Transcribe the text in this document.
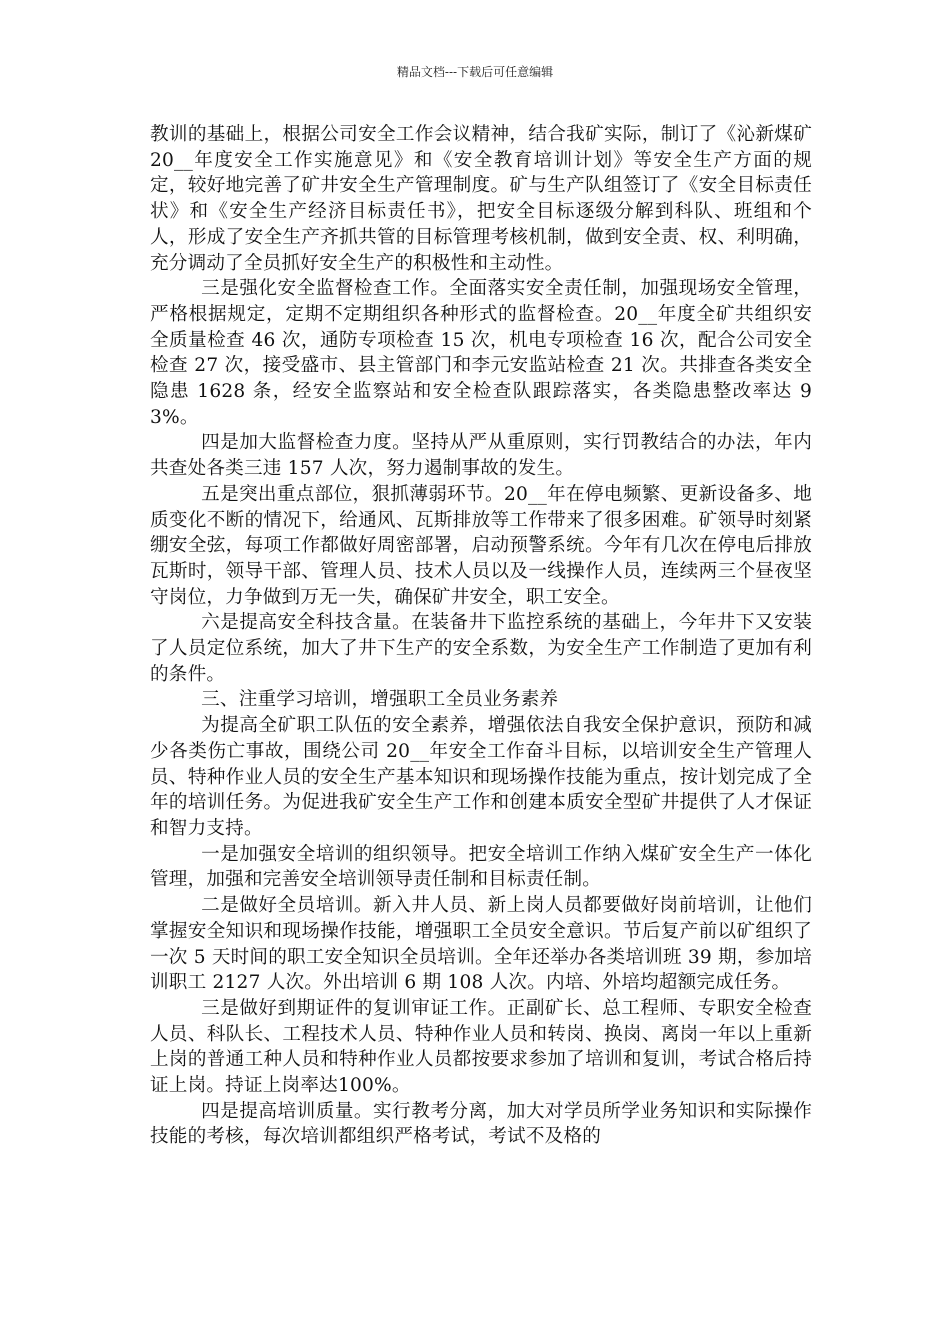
精品文档---下载后可任意编辑

教训的基础上，根据公司安全工作会议精神，结合我矿实际，制订了《沁新煤矿 20__年度安全工作实施意见》和《安全教育培训计划》等安全生产方面的规定，较好地完善了矿井安全生产管理制度。矿与生产队组签订了《安全目标责任状》和《安全生产经济目标责任书》，把安全目标逐级分解到科队、班组和个人，形成了安全生产齐抓共管的目标管理考核机制，做到安全责、权、利明确，充分调动了全员抓好安全生产的积极性和主动性。

三是强化安全监督检查工作。全面落实安全责任制，加强现场安全管理，严格根据规定，定期不定期组织各种形式的监督检查。20__年度全矿共组织安全质量检查 46 次，通防专项检查 15 次，机电专项检查 16 次，配合公司安全检查 27 次，接受盛市、县主管部门和李元安监站检查 21 次。共排查各类安全隐患 1628 条，经安全监察站和安全检查队跟踪落实，各类隐患整改率达 93%。

四是加大监督检查力度。坚持从严从重原则，实行罚教结合的办法，年内共查处各类三违 157 人次，努力遏制事故的发生。

五是突出重点部位，狠抓薄弱环节。20__年在停电频繁、更新设备多、地质变化不断的情况下，给通风、瓦斯排放等工作带来了很多困难。矿领导时刻紧绷安全弦，每项工作都做好周密部署，启动预警系统。今年有几次在停电后排放瓦斯时，领导干部、管理人员、技术人员以及一线操作人员，连续两三个昼夜坚守岗位，力争做到万无一失，确保矿井安全，职工安全。

六是提高安全科技含量。在装备井下监控系统的基础上，今年井下又安装了人员定位系统，加大了井下生产的安全系数，为安全生产工作制造了更加有利的条件。

三、注重学习培训，增强职工全员业务素养

为提高全矿职工队伍的安全素养，增强依法自我安全保护意识，预防和减少各类伤亡事故，围绕公司 20__年安全工作奋斗目标，以培训安全生产管理人员、特种作业人员的安全生产基本知识和现场操作技能为重点，按计划完成了全年的培训任务。为促进我矿安全生产工作和创建本质安全型矿井提供了人才保证和智力支持。

一是加强安全培训的组织领导。把安全培训工作纳入煤矿安全生产一体化管理，加强和完善安全培训领导责任制和目标责任制。

二是做好全员培训。新入井人员、新上岗人员都要做好岗前培训，让他们掌握安全知识和现场操作技能，增强职工全员安全意识。节后复产前以矿组织了一次 5 天时间的职工安全知识全员培训。全年还举办各类培训班 39 期，参加培训职工 2127 人次。外出培训 6 期 108 人次。内培、外培均超额完成任务。

三是做好到期证件的复训审证工作。正副矿长、总工程师、专职安全检查人员、科队长、工程技术人员、特种作业人员和转岗、换岗、离岗一年以上重新上岗的普通工种人员和特种作业人员都按要求参加了培训和复训，考试合格后持证上岗。持证上岗率达100%。

四是提高培训质量。实行教考分离，加大对学员所学业务知识和实际操作技能的考核，每次培训都组织严格考试，考试不及格的
